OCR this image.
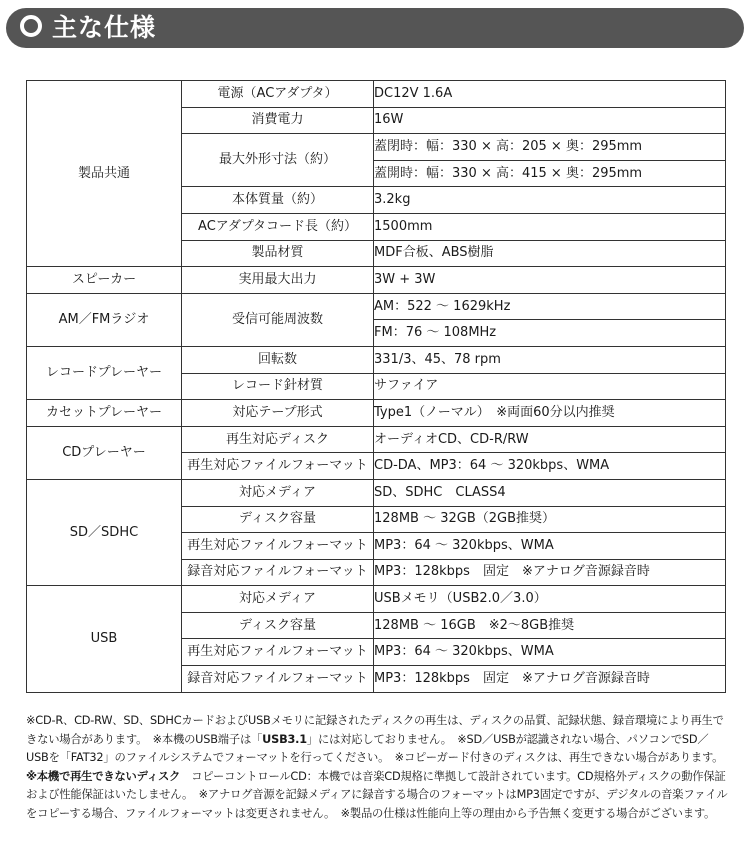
主な仕様
製品共通	電源（ACアダプタ）	DC12V 1.6A
	消費電力	16W
	最大外形寸法（約）	蓋閉時：幅：330 × 高：205 × 奥：295mm
		蓋開時：幅：330 × 高：415 × 奥：295mm
	本体質量（約）	3.2kg
	ACアダプタコード長（約）	1500mm
	製品材質	MDF合板、ABS樹脂
スピーカー	実用最大出力	3W + 3W
AM／FMラジオ	受信可能周波数	AM：522 〜 1629kHz
		FM：76 〜 108MHz
レコードプレーヤー	回転数	331/3、45、78 rpm
	レコード針材質	サファイア
カセットプレーヤー	対応テープ形式	Type1（ノーマル）　※両面60分以内推奨
CDプレーヤー	再生対応ディスク	オーディオCD、CD-R/RW
	再生対応ファイルフォーマット	CD-DA、MP3：64 〜 320kbps、WMA
SD／SDHC	対応メディア	SD、SDHC　CLASS4
	ディスク容量	128MB 〜 32GB（2GB推奨）
	再生対応ファイルフォーマット	MP3：64 〜 320kbps、WMA
	録音対応ファイルフォーマット	MP3：128kbps　固定　※アナログ音源録音時
USB	対応メディア	USBメモリ（USB2.0／3.0）
	ディスク容量	128MB 〜 16GB　※2〜8GB推奨
	再生対応ファイルフォーマット	MP3：64 〜 320kbps、WMA
	録音対応ファイルフォーマット	MP3：128kbps　固定　※アナログ音源録音時
※CD-R、CD-RW、SD、SDHCカードおよびUSBメモリに記録されたディスクの再生は、ディスクの品質、記録状態、録音環境により再生できない場合があります。　※本機のUSB端子は「USB3.1」には対応しておりません。　※SD／USBが認識されない場合、パソコンでSD／USBを「FAT32」のファイルシステムでフォーマットを行ってください。　※コピーガード付きのディスクは、再生できない場合があります。　※本機で再生できないディスク　コピーコントロールCD：本機では音楽CD規格に準拠して設計されています。CD規格外ディスクの動作保証および性能保証はいたしません。　※アナログ音源を記録メディアに録音する場合のフォーマットはMP3固定ですが、デジタルの音楽ファイルをコピーする場合、ファイルフォーマットは変更されません。　※製品の仕様は性能向上等の理由から予告無く変更する場合がございます。
